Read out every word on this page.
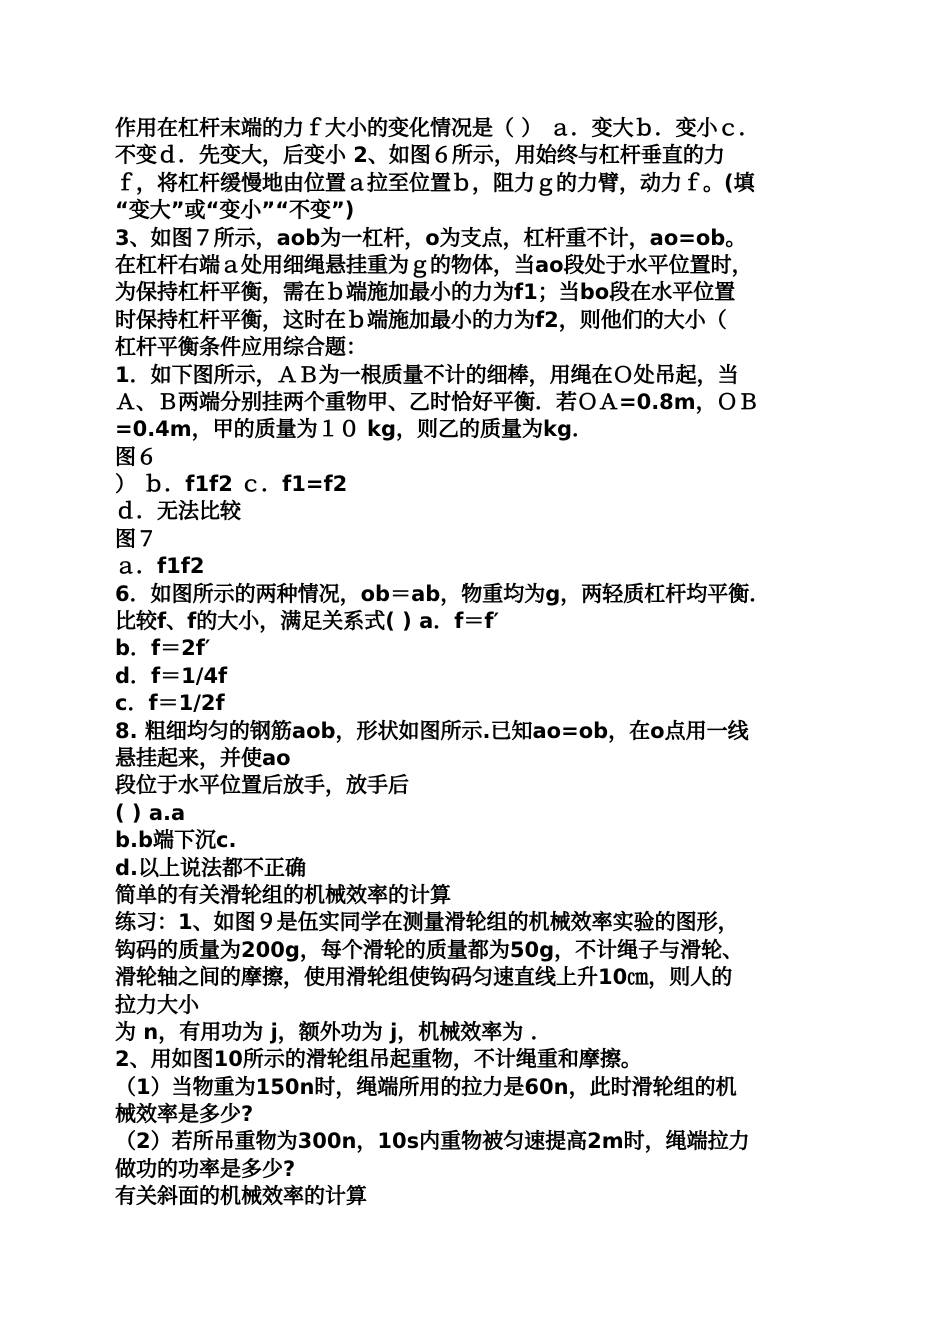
作用在杠杆末端的力ｆ大小的变化情况是（ ） ａ．变大ｂ．变小ｃ．
不变ｄ．先变大，后变小 2、如图６所示，用始终与杠杆垂直的力
ｆ，将杠杆缓慢地由位置ａ拉至位置ｂ，阻力ｇ的力臂，动力ｆ。(填
“变大”或“变小”“不变”)
3、如图７所示，aob为一杠杆，o为支点，杠杆重不计，ao=ob。
在杠杆右端ａ处用细绳悬挂重为ｇ的物体，当ao段处于水平位置时，
为保持杠杆平衡，需在ｂ端施加最小的力为f1；当bo段在水平位置
时保持杠杆平衡，这时在ｂ端施加最小的力为f2，则他们的大小（
杠杆平衡条件应用综合题：
1．如下图所示，ＡＢ为一根质量不计的细棒，用绳在Ｏ处吊起，当
Ａ、Ｂ两端分别挂两个重物甲、乙时恰好平衡．若ＯＡ=0.8m，ＯＢ
=0.4m，甲的质量为１０ kg，则乙的质量为kg．
图６
） ｂ．f1f2 ｃ．f1=f2
ｄ．无法比较
图７
ａ．f1f2
6．如图所示的两种情况，ob＝ab，物重均为g，两轻质杠杆均平衡．
比较f、f的大小，满足关系式( ) a．f＝f′
b．f＝2f′
d．f＝1/4f
c．f＝1/2f
8. 粗细均匀的钢筋aob，形状如图所示.已知ao=ob，在o点用一线
悬挂起来，并使ao
段位于水平位置后放手，放手后
( ) a.a
b.b端下沉c.
d.以上说法都不正确
简单的有关滑轮组的机械效率的计算
练习：1、如图９是伍实同学在测量滑轮组的机械效率实验的图形，
钩码的质量为200g，每个滑轮的质量都为50g，不计绳子与滑轮、
滑轮轴之间的摩擦，使用滑轮组使钩码匀速直线上升10㎝，则人的
拉力大小
为 n，有用功为 j，额外功为 j，机械效率为 ．
2、用如图10所示的滑轮组吊起重物，不计绳重和摩擦。
（1）当物重为150n时，绳端所用的拉力是60n，此时滑轮组的机
械效率是多少?
（2）若所吊重物为300n，10s内重物被匀速提高2m时，绳端拉力
做功的功率是多少?
有关斜面的机械效率的计算
